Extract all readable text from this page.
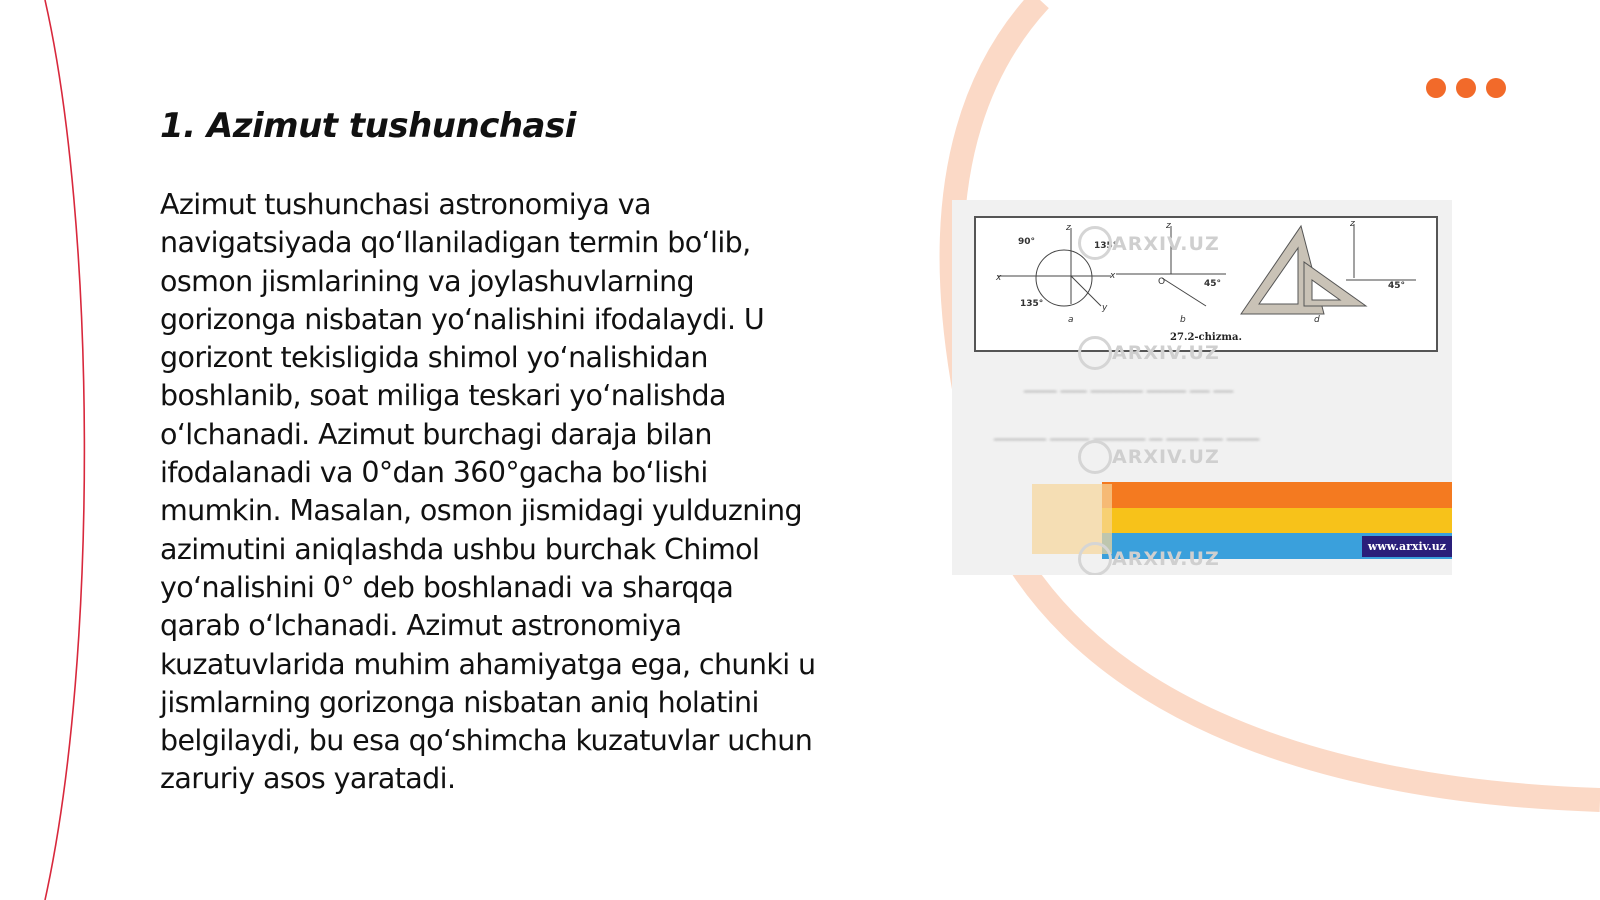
1. Azimut tushunchasi

Azimut tushunchasi astronomiya va navigatsiyada qo‘llaniladigan termin bo‘lib, osmon jismlarining va joylashuvlarning gorizonga nisbatan yo‘nalishini ifodalaydi. U gorizont tekisligida shimol yo‘nalishidan boshlanib, soat miliga teskari yo‘nalishda o‘lchanadi. Azimut burchagi daraja bilan ifodalanadi va 0°dan 360°gacha bo‘lishi mumkin. Masalan, osmon jismidagi yulduzning azimutini aniqlashda ushbu burchak Chimol yo‘nalishini 0° deb boshlanadi va sharqqa qarab o‘lchanadi. Azimut astronomiya kuzatuvlarida muhim ahamiyatga ega, chunki u jismlarning gorizonga nisbatan aniq holatini belgilaydi, bu esa qo‘shimcha kuzatuvlar uchun zaruriy asos yaratadi.

90°	135°
135°
z
x
y
a
45°
z
x
O
b
45°
z
d
27.2-chizma.
ARXIV.UZ
ARXIV.UZ
_____ ____ ________ ______ ___ ___
________ ______ ________ __ _____ ___ _____
ARXIV.UZ
ARXIV.UZ
www.arxiv.uz
